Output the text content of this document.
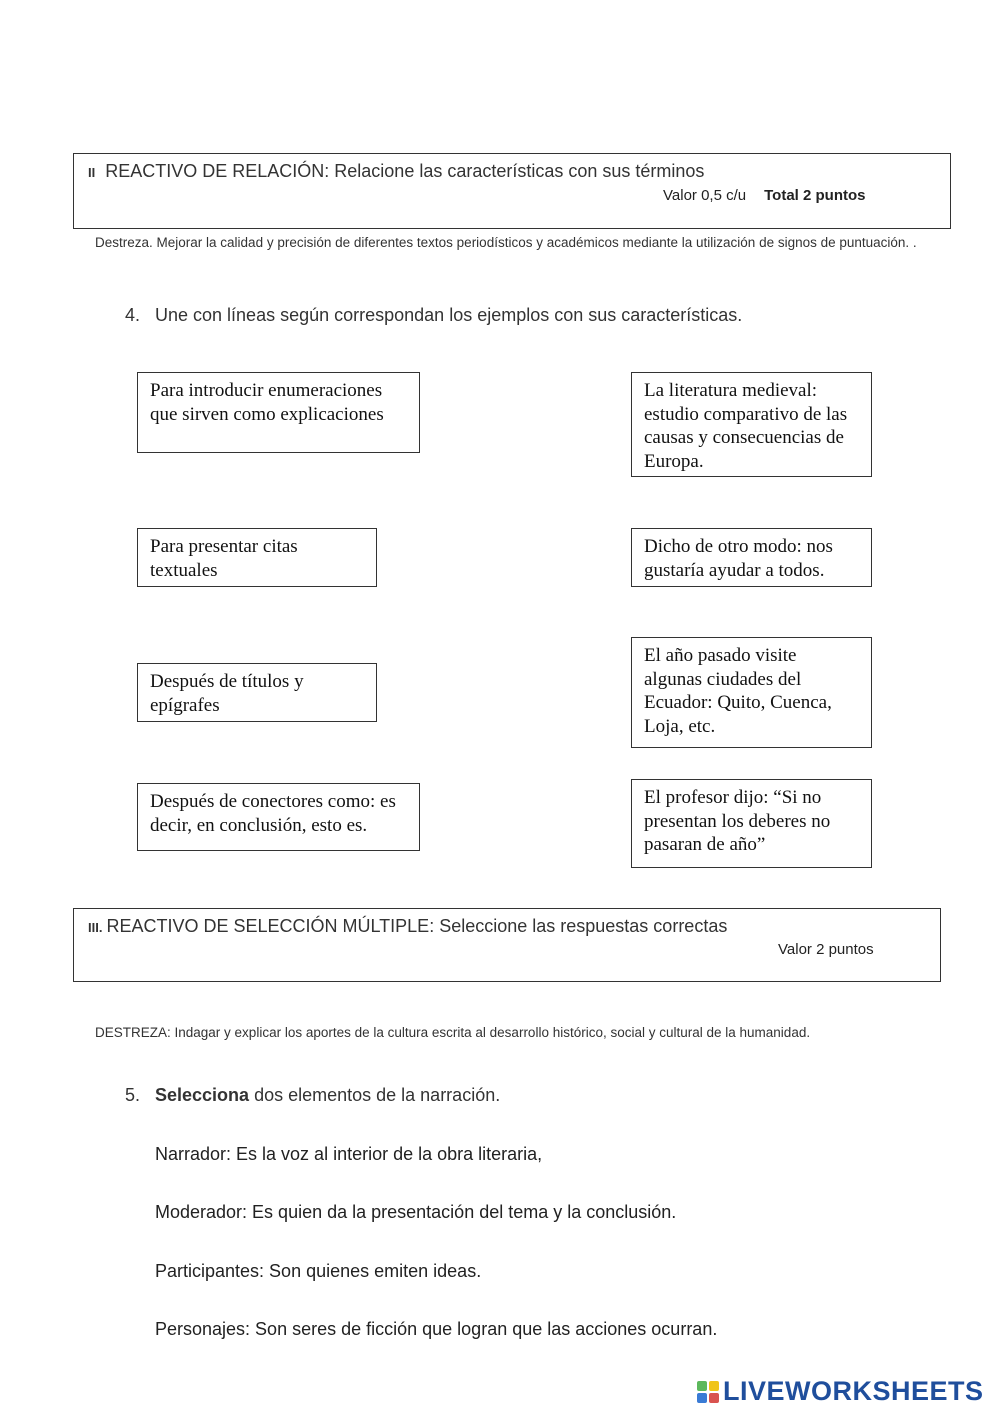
II REACTIVO DE RELACIÓN: Relacione las características con sus términos
Valor 0,5 c/u Total 2 puntos
Destreza. Mejorar la calidad y precisión de diferentes textos periodísticos y académicos mediante la utilización de signos de puntuación. .
4. Une con líneas según correspondan los ejemplos con sus características.
Para introducir enumeraciones que sirven como explicaciones
Para presentar citas textuales
Después de títulos y epígrafes
Después de conectores como: es decir, en conclusión, esto es.
La literatura medieval: estudio comparativo de las causas y consecuencias de Europa.
Dicho de otro modo: nos gustaría ayudar a todos.
El año pasado visite algunas ciudades del Ecuador: Quito, Cuenca, Loja, etc.
El profesor dijo: “Si no presentan los deberes no pasaran de año”
III. REACTIVO DE SELECCIÓN MÚLTIPLE: Seleccione las respuestas correctas
Valor 2 puntos
DESTREZA: Indagar y explicar los aportes de la cultura escrita al desarrollo histórico, social y cultural de la humanidad.
5. Selecciona dos elementos de la narración.
Narrador: Es la voz al interior de la obra literaria,
Moderador: Es quien da la presentación del tema y la conclusión.
Participantes: Son quienes emiten ideas.
Personajes: Son seres de ficción que logran que las acciones ocurran.
LIVEWORKSHEETS
